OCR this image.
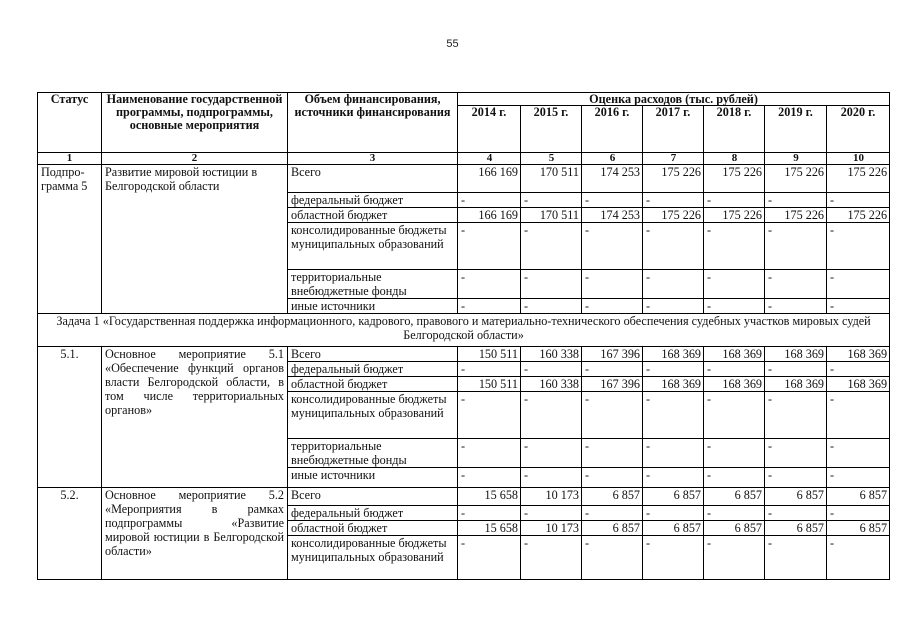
55
Статус	Наименование государственной программы, подпрограммы, основные мероприятия	Объем финансирования, источники финансирования	Оценка расходов (тыс. рублей)						
			2014 г.	2015 г.	2016 г.	2017 г.	2018 г.	2019 г.	2020 г.
1	2	3	4	5	6	7	8	9	10
Подпро-грамма 5	Развитие мировой юстиции в Белгородской области	Всего	166 169	170 511	174 253	175 226	175 226	175 226	175 226
		федеральный бюджет	-	-	-	-	-	-	-
		областной бюджет	166 169	170 511	174 253	175 226	175 226	175 226	175 226
		консолидированные бюджеты муниципальных образований	-	-	-	-	-	-	-
		территориальные внебюджетные фонды	-	-	-	-	-	-	-
		иные источники	-	-	-	-	-	-	-
Задача 1 «Государственная поддержка информационного, кадрового, правового и материально-технического обеспечения судебных участков мировых судей Белгородской области»									
5.1.	Основное мероприятие 5.1 «Обеспечение функций органов власти Белгородской области, в том числе территориальных органов»	Всего	150 511	160 338	167 396	168 369	168 369	168 369	168 369
		федеральный бюджет	-	-	-	-	-	-	-
		областной бюджет	150 511	160 338	167 396	168 369	168 369	168 369	168 369
		консолидированные бюджеты муниципальных образований	-	-	-	-	-	-	-
		территориальные внебюджетные фонды	-	-	-	-	-	-	-
		иные источники	-	-	-	-	-	-	-
5.2.	Основное мероприятие 5.2 «Мероприятия в рамках подпрограммы «Развитие мировой юстиции в Белгородской области»	Всего	15 658	10 173	6 857	6 857	6 857	6 857	6 857
		федеральный бюджет	-	-	-	-	-	-	-
		областной бюджет	15 658	10 173	6 857	6 857	6 857	6 857	6 857
		консолидированные бюджеты муниципальных образований	-	-	-	-	-	-	-
